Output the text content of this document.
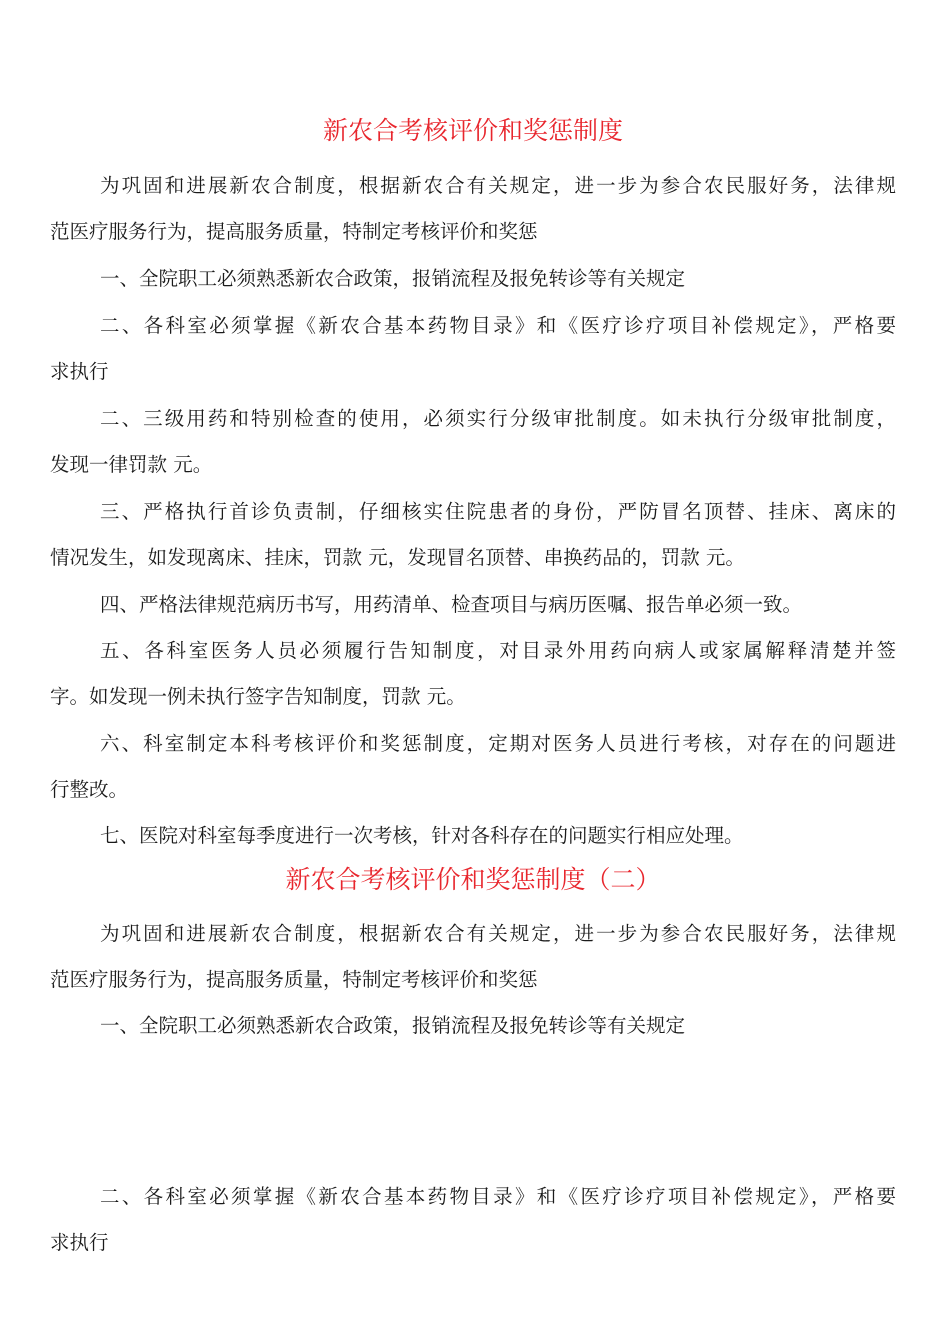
新农合考核评价和奖惩制度

为巩固和进展新农合制度，根据新农合有关规定，进一步为参合农民服好务，法律规
范医疗服务行为，提高服务质量，特制定考核评价和奖惩

一、全院职工必须熟悉新农合政策，报销流程及报免转诊等有关规定

二、各科室必须掌握《新农合基本药物目录》和《医疗诊疗项目补偿规定》，严格要
求执行

二、三级用药和特别检查的使用，必须实行分级审批制度。如未执行分级审批制度，
发现一律罚款 元。

三、严格执行首诊负责制，仔细核实住院患者的身份，严防冒名顶替、挂床、离床的
情况发生，如发现离床、挂床，罚款 元，发现冒名顶替、串换药品的，罚款 元。

四、严格法律规范病历书写，用药清单、检查项目与病历医嘱、报告单必须一致。

五、各科室医务人员必须履行告知制度，对目录外用药向病人或家属解释清楚并签
字。如发现一例未执行签字告知制度，罚款 元。

六、科室制定本科考核评价和奖惩制度，定期对医务人员进行考核，对存在的问题进
行整改。

七、医院对科室每季度进行一次考核，针对各科存在的问题实行相应处理。

新农合考核评价和奖惩制度（二）

为巩固和进展新农合制度，根据新农合有关规定，进一步为参合农民服好务，法律规
范医疗服务行为，提高服务质量，特制定考核评价和奖惩

一、全院职工必须熟悉新农合政策，报销流程及报免转诊等有关规定

二、各科室必须掌握《新农合基本药物目录》和《医疗诊疗项目补偿规定》，严格要
求执行
